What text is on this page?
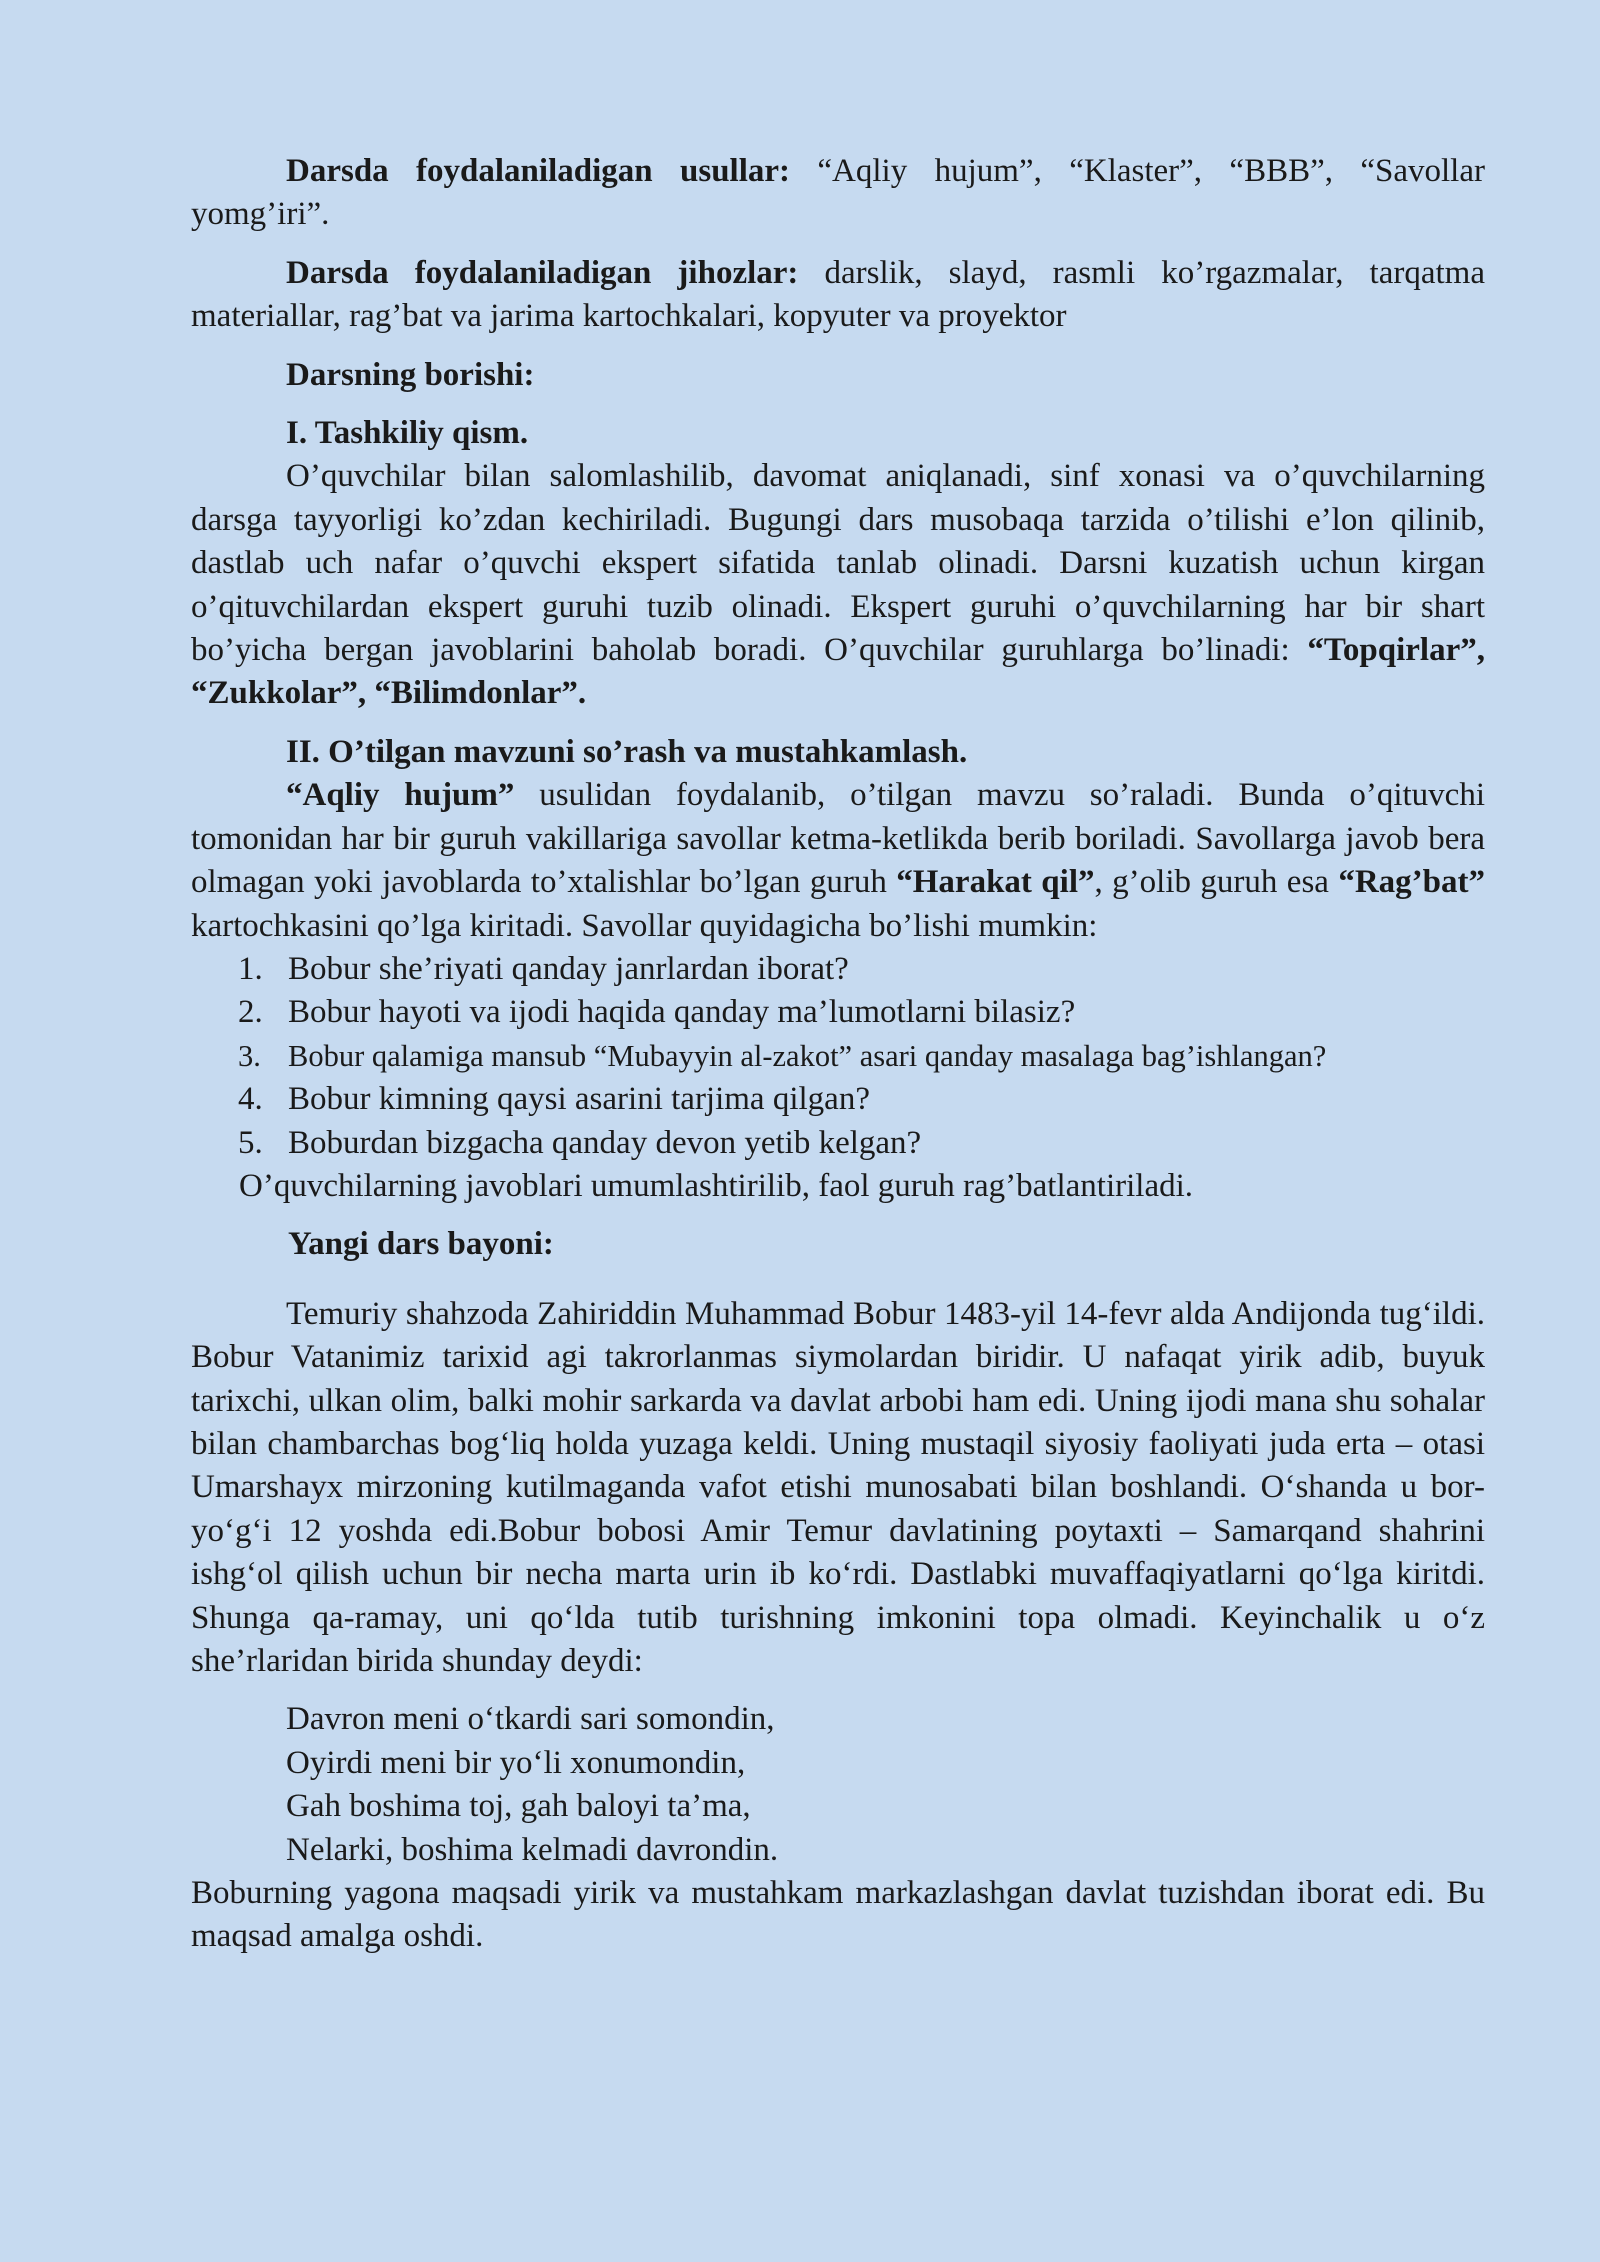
Darsda foydalaniladigan usullar: “Aqliy hujum”, “Klaster”, “BBB”, “Savollar yomg’iri”.

Darsda foydalaniladigan jihozlar: darslik, slayd, rasmli ko’rgazmalar, tarqatma materiallar, rag’bat va jarima kartochkalari, kopyuter va proyektor

Darsning borishi:

I. Tashkiliy qism.

O’quvchilar bilan salomlashilib, davomat aniqlanadi, sinf xonasi va o’quvchilarning darsga tayyorligi ko’zdan kechiriladi. Bugungi dars musobaqa tarzida o’tilishi e’lon qilinib, dastlab uch nafar o’quvchi ekspert sifatida tanlab olinadi. Darsni kuzatish uchun kirgan o’qituvchilardan ekspert guruhi tuzib olinadi. Ekspert guruhi o’quvchilarning har bir shart bo’yicha bergan javoblarini baholab boradi. O’quvchilar guruhlarga bo’linadi: “Topqirlar”, “Zukkolar”, “Bilimdonlar”.

II. O’tilgan mavzuni so’rash va mustahkamlash.

“Aqliy hujum” usulidan foydalanib, o’tilgan mavzu so’raladi. Bunda o’qituvchi tomonidan har bir guruh vakillariga savollar ketma-ketlikda berib boriladi. Savollarga javob bera olmagan yoki javoblarda to’xtalishlar bo’lgan guruh “Harakat qil”, g’olib guruh esa “Rag’bat” kartochkasini qo’lga kiritadi. Savollar quyidagicha bo’lishi mumkin:

1. Bobur she’riyati qanday janrlardan iborat?
2. Bobur hayoti va ijodi haqida qanday ma’lumotlarni bilasiz?
3. Bobur qalamiga mansub “Mubayyin al-zakot” asari qanday masalaga bag’ishlangan?
4. Bobur kimning qaysi asarini tarjima qilgan?
5. Boburdan bizgacha qanday devon yetib kelgan?

O’quvchilarning javoblari umumlashtirilib, faol guruh rag’batlantiriladi.

Yangi dars bayoni:

Temuriy shahzoda Zahiriddin Muhammad Bobur 1483-yil 14-fevr alda Andijonda tug‘ildi. Bobur Vatanimiz tarixid agi takrorlanmas siymolardan biridir. U nafaqat yirik adib, buyuk tarixchi, ulkan olim, balki mohir sarkarda va davlat arbobi ham edi. Uning ijodi mana shu sohalar bilan chambarchas bog‘liq holda yuzaga keldi. Uning mustaqil siyosiy faoliyati juda erta – otasi Umarshayx mirzoning kutilmaganda vafot etishi munosabati bilan boshlandi. O‘shanda u bor-yo‘g‘i 12 yoshda edi.Bobur bobosi Amir Temur davlatining poytaxti – Samarqand shahrini ishg‘ol qilish uchun bir necha marta urin ib ko‘rdi. Dastlabki muvaffaqiyatlarni qo‘lga kiritdi. Shunga qa-ramay, uni qo‘lda tutib turishning imkonini topa olmadi. Keyinchalik u o‘z she’rlaridan birida shunday deydi:

Davron meni o‘tkardi sari somondin,
Oyirdi meni bir yo‘li xonumondin,
Gah boshima toj, gah baloyi ta’ma,
Nelarki, boshima kelmadi davrondin.

Boburning yagona maqsadi yirik va mustahkam markazlashgan davlat tuzishdan iborat edi. Bu maqsad amalga oshdi.
